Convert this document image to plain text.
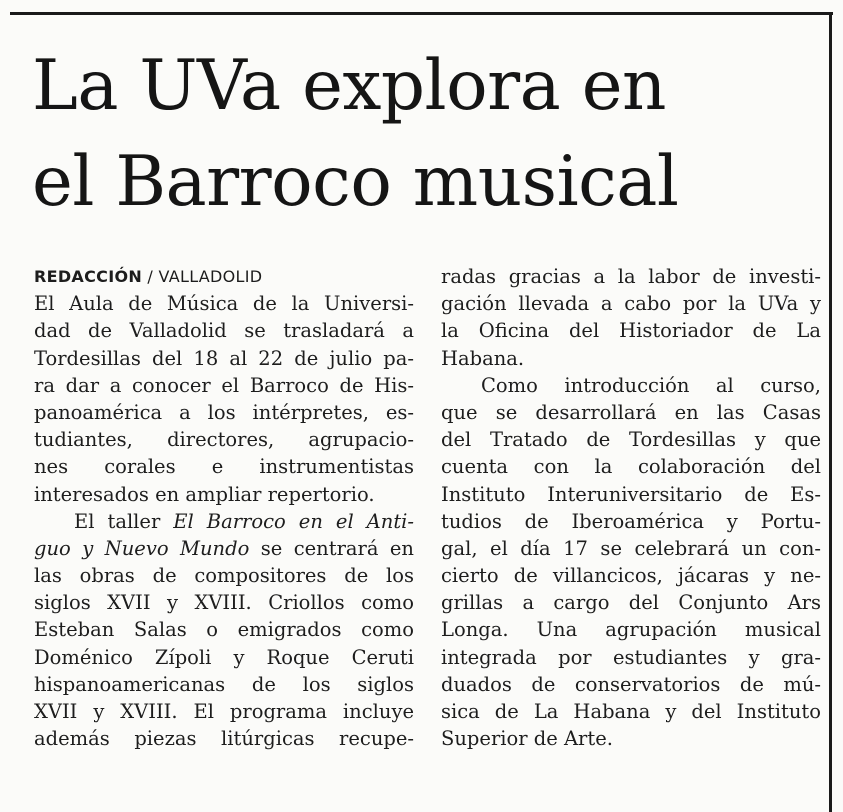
La UVa explora en
el Barroco musical
REDACCIÓN / VALLADOLID
El Aula de Música de la Universi-
dad de Valladolid se trasladará a
Tordesillas del 18 al 22 de julio pa-
ra dar a conocer el Barroco de His-
panoamérica a los intérpretes, es-
tudiantes, directores, agrupacio-
nes corales e instrumentistas
interesados en ampliar repertorio.
El taller El Barroco en el Anti-
guo y Nuevo Mundo se centrará en
las obras de compositores de los
siglos XVII y XVIII. Criollos como
Esteban Salas o emigrados como
Doménico Zípoli y Roque Ceruti
hispanoamericanas de los siglos
XVII y XVIII. El programa incluye
además piezas litúrgicas recupe-
radas gracias a la labor de investi-
gación llevada a cabo por la UVa y
la Oficina del Historiador de La
Habana.
Como introducción al curso,
que se desarrollará en las Casas
del Tratado de Tordesillas y que
cuenta con la colaboración del
Instituto Interuniversitario de Es-
tudios de Iberoamérica y Portu-
gal, el día 17 se celebrará un con-
cierto de villancicos, jácaras y ne-
grillas a cargo del Conjunto Ars
Longa. Una agrupación musical
integrada por estudiantes y gra-
duados de conservatorios de mú-
sica de La Habana y del Instituto
Superior de Arte.
